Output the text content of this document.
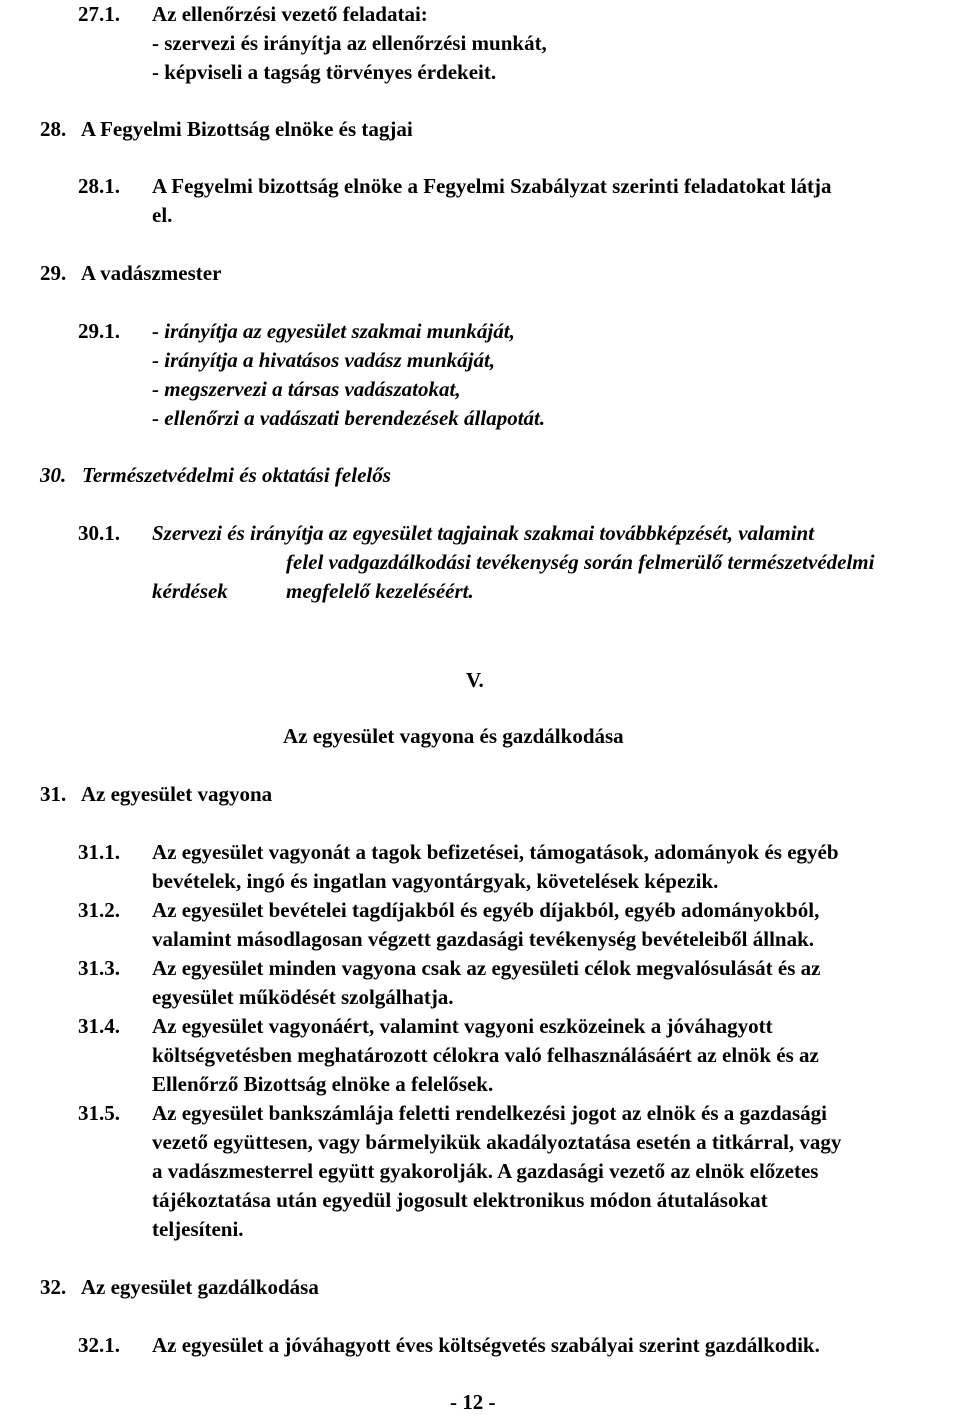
27.1. Az ellenőrzési vezető feladatai:
- szervezi és irányítja az ellenőrzési munkát,
- képviseli a tagság törvényes érdekeit.
28.   A Fegyelmi Bizottság elnöke és tagjai
28.1. A Fegyelmi bizottság elnöke a Fegyelmi Szabályzat szerinti feladatokat látja
el.
29.   A vadászmester
29.1. - irányítja az egyesület szakmai munkáját,
- irányítja a hivatásos vadász munkáját,
- megszervezi a társas vadászatokat,
- ellenőrzi a vadászati berendezések állapotát.
30.   Természetvédelmi és oktatási felelős
30.1. Szervezi és irányítja az egyesület tagjainak szakmai továbbképzését, valamint
felel vadgazdálkodási tevékenység során felmerülő természetvédelmi
kérdések	megfelelő kezeléséért.
V.
Az egyesület vagyona és gazdálkodása
31.   Az egyesület vagyona
31.1. Az egyesület vagyonát a tagok befizetései, támogatások, adományok és egyéb
bevételek, ingó és ingatlan vagyontárgyak, követelések képezik.
31.2. Az egyesület bevételei tagdíjakból és egyéb díjakból, egyéb adományokból,
valamint másodlagosan végzett gazdasági tevékenység bevételeiből állnak.
31.3. Az egyesület minden vagyona csak az egyesületi célok megvalósulását és az
egyesület működését szolgálhatja.
31.4. Az egyesület vagyonáért, valamint vagyoni eszközeinek a jóváhagyott
költségvetésben meghatározott célokra való felhasználásáért az elnök és az
Ellenőrző Bizottság elnöke a felelősek.
31.5. Az egyesület bankszámlája feletti rendelkezési jogot az elnök és a gazdasági
vezető együttesen, vagy bármelyikük akadályoztatása esetén a titkárral, vagy
a vadászmesterrel együtt gyakorolják. A gazdasági vezető az elnök előzetes
tájékoztatása után egyedül jogosult elektronikus módon átutalásokat
teljesíteni.
32.   Az egyesület gazdálkodása
32.1. Az egyesület a jóváhagyott éves költségvetés szabályai szerint gazdálkodik.
- 12 -
